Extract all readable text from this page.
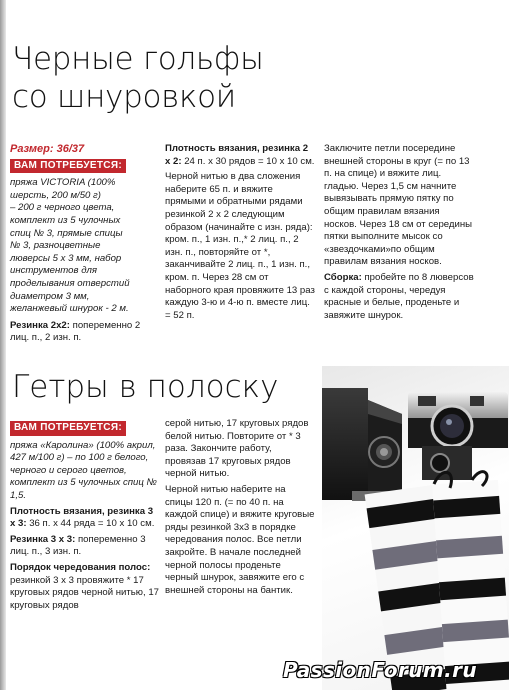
Черные гольфы
со шнуровкой
Размер: 36/37
ВАМ ПОТРЕБУЕТСЯ:
пряжа VICTORIA (100%
шерсть, 200 м/50 г)
– 200 г черного цвета,
комплект из 5 чулочных
спиц № 3, прямые спицы
№ 3, разноцветные
люверсы 5 х 3 мм, набор
инструментов для
проделывания отверстий
диаметром 3 мм,
желанжевый шнурок - 2 м.

Резинка 2х2: попеременно 2 лиц. п., 2 изн. п.

Плотность вязания, резинка 2 х 2: 24 п. х 30 рядов = 10 х 10 см.

Черной нитью в два сложения наберите 65 п. и вяжите прямыми и обратными рядами резинкой 2 х 2 следующим образом (начинайте с изн. ряда): кром. п., 1 изн. п.,* 2 лиц. п., 2 изн. п., повторяйте от *, заканчивайте 2 лиц. п., 1 изн. п., кром. п. Через 28 см от наборного края провяжите 13 раз каждую 3-ю и 4-ю п. вместе лиц. = 52 п.

Заключите петли посередине внешней стороны в круг (= по 13 п. на спице) и вяжите лиц. гладью. Через 1,5 см начните вывязывать прямую пятку по общим правилам вязания носков. Через 18 см от середины пятки выполните мысок со «звездочками»по общим правилам вязания носков.

Сборка: пробейте по 8 люверсов с каждой стороны, чередуя красные и белые, проденьте и завяжите шнурок.

Гетры в полоску
ВАМ ПОТРЕБУЕТСЯ:

пряжа «Каролина» (100% акрил, 427 м/100 г) – по 100 г белого, черного и серого цветов, комплект из 5 чулочных спиц № 1,5.

Плотность вязания, резинка 3 х 3: 36 п. х 44 ряда = 10 х 10 см.

Резинка 3 х 3: попеременно 3 лиц. п., 3 изн. п.

Порядок чередования полос: резинкой 3 х 3 провяжите * 17 круговых рядов черной нитью, 17 круговых рядов

серой нитью, 17 круговых рядов белой нитью. Повторите от * 3 раза. Закончите работу, провязав 17 круговых рядов черной нитью.

Черной нитью наберите на спицы 120 п. (= по 40 п. на каждой спице) и вяжите круговые ряды резинкой 3х3 в порядке чередования полос. Все петли закройте. В начале последней черной полосы проденьте черный шнурок, завяжите его с внешней стороны на бантик.

PassionForum.ru
